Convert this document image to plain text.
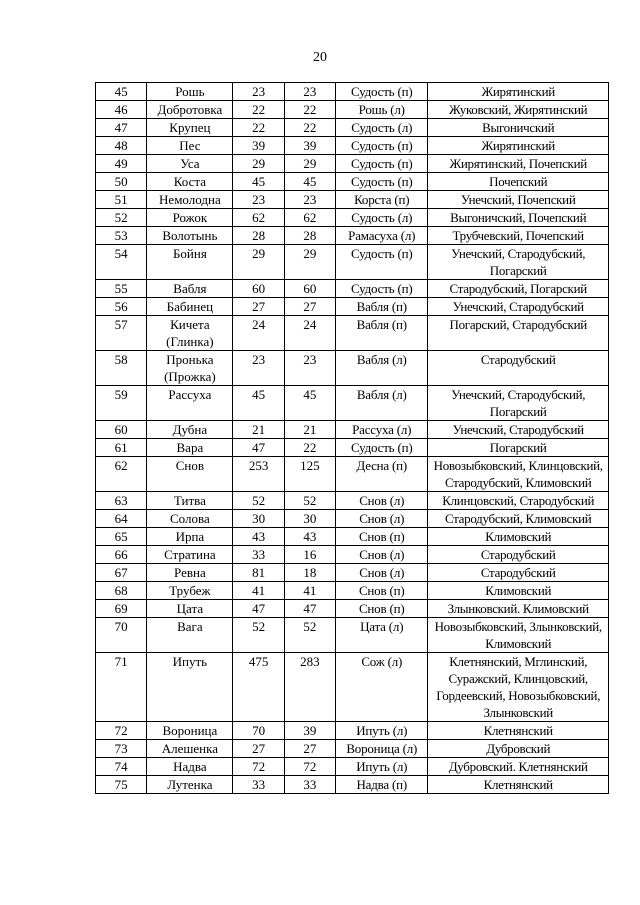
20
45	Рошь	23	23	Судость (п)	Жирятинский
46	Добротовка	22	22	Рошь (л)	Жуковский, Жирятинский
47	Крупец	22	22	Судость (л)	Выгоничский
48	Пес	39	39	Судость (п)	Жирятинский
49	Уса	29	29	Судость (п)	Жирятинский, Почепский
50	Коста	45	45	Судость (п)	Почепский
51	Немолодна	23	23	Корста (п)	Унечский, Почепский
52	Рожок	62	62	Судость (л)	Выгоничский, Почепский
53	Волотынь	28	28	Рамасуха (л)	Трубчевский, Почепский
54	Бойня	29	29	Судость (п)	Унечский, Стародубский, Погарский
55	Вабля	60	60	Судость (п)	Стародубский, Погарский
56	Бабинец	27	27	Вабля (п)	Унечский, Стародубский
57	Кичета (Глинка)	24	24	Вабля (п)	Погарский, Стародубский
58	Пронька (Прожка)	23	23	Вабля (л)	Стародубский
59	Рассуха	45	45	Вабля (л)	Унечский, Стародубский, Погарский
60	Дубна	21	21	Рассуха (л)	Унечский, Стародубский
61	Вара	47	22	Судость (п)	Погарский
62	Снов	253	125	Десна (п)	Новозыбковский, Клинцовский, Стародубский, Климовский
63	Титва	52	52	Снов (л)	Клинцовский, Стародубский
64	Солова	30	30	Снов (л)	Стародубский, Климовский
65	Ирпа	43	43	Снов (п)	Климовский
66	Стратина	33	16	Снов (л)	Стародубский
67	Ревна	81	18	Снов (л)	Стародубский
68	Трубеж	41	41	Снов (п)	Климовский
69	Цата	47	47	Снов (п)	Злынковский. Климовский
70	Вага	52	52	Цата (л)	Новозыбковский, Злынковский, Климовский
71	Ипуть	475	283	Сож (л)	Клетнянский, Мглинский, Суражский, Клинцовский, Гордеевский, Новозыбковский, Злынковский
72	Вороница	70	39	Ипуть (л)	Клетнянский
73	Алешенка	27	27	Вороница (л)	Дубровский
74	Надва	72	72	Ипуть (л)	Дубровский. Клетнянский
75	Лутенка	33	33	Надва (п)	Клетнянский
